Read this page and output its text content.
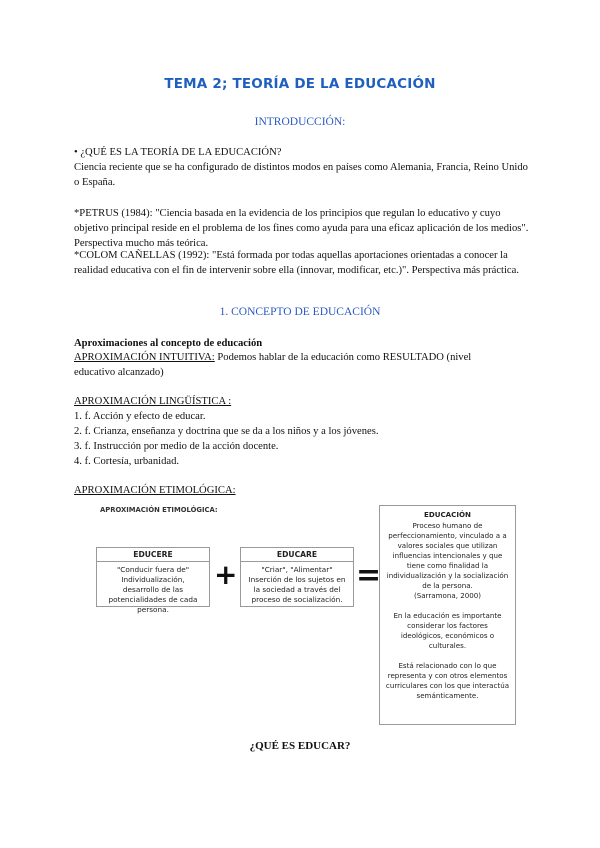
TEMA 2; TEORÍA DE LA EDUCACIÓN
INTRODUCCIÓN:
• ¿QUÉ ES LA TEORÍA DE LA EDUCACIÓN?
Ciencia reciente que se ha configurado de distintos modos en países como Alemania, Francia, Reino Unido o España.
*PETRUS (1984): "Ciencia basada en la evidencia de los principios que regulan lo educativo y cuyo objetivo principal reside en el problema de los fines como ayuda para una eficaz aplicación de los medios". Perspectiva mucho más teórica.
*COLOM CAÑELLAS (1992): "Está formada por todas aquellas aportaciones orientadas a conocer la realidad educativa con el fin de intervenir sobre ella (innovar, modificar, etc.)". Perspectiva más práctica.
1. CONCEPTO DE EDUCACIÓN
Aproximaciones al concepto de educación
APROXIMACIÓN INTUITIVA: Podemos hablar de la educación como RESULTADO (nivel educativo alcanzado)
APROXIMACIÓN LINGÜÍSTICA :
1. f. Acción y efecto de educar.
2. f. Crianza, enseñanza y doctrina que se da a los niños y a los jóvenes.
3. f. Instrucción por medio de la acción docente.
4. f. Cortesía, urbanidad.
APROXIMACIÓN ETIMOLÓGICA:
APROXIMACIÓN ETIMOLÓGICA:
EDUCERE
"Conducir fuera de" Individualización, desarrollo de las potencialidades de cada persona.
+
EDUCARE
"Criar", "Alimentar" Inserción de los sujetos en la sociedad a través del proceso de socialización.
=

EDUCACIÓN

Proceso humano de perfeccionamiento, vinculado a a valores sociales que utilizan influencias intencionales y que tiene como finalidad la individualización y la socialización de la persona.

(Sarramona, 2000)

En la educación es importante considerar los factores ideológicos, económicos o culturales.

Está relacionado con lo que representa y con otros elementos curriculares con los que interactúa semánticamente.

¿QUÉ ES EDUCAR?
